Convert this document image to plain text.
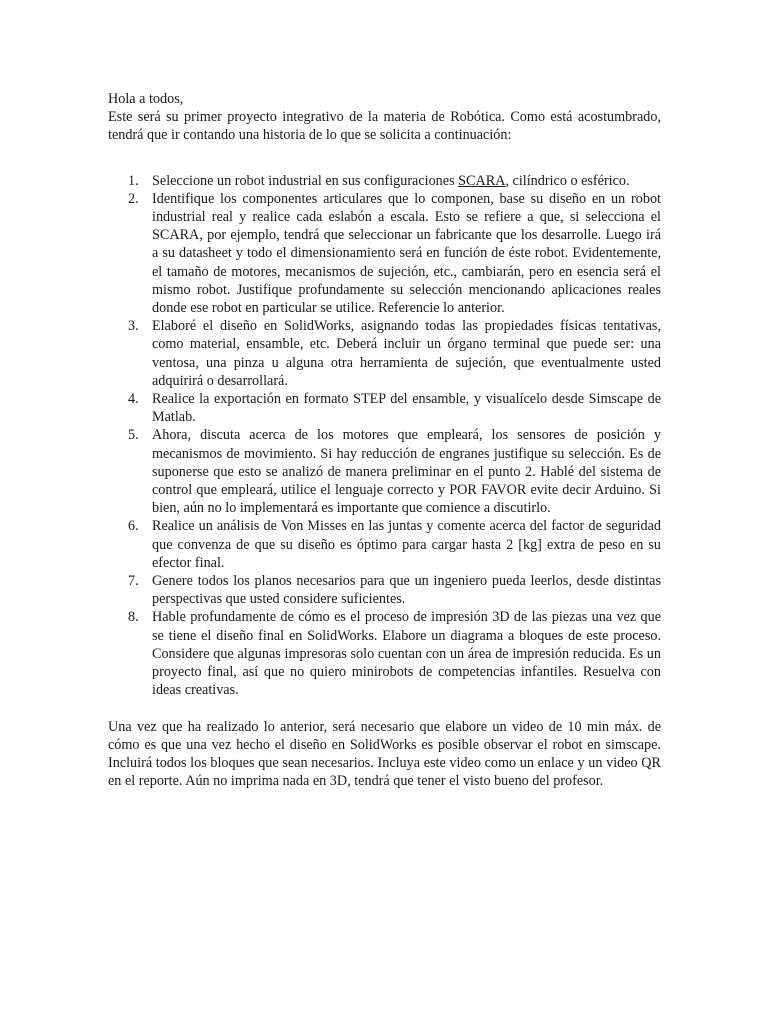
Hola a todos,

Este será su primer proyecto integrativo de la materia de Robótica. Como está acostumbrado, tendrá que ir contando una historia de lo que se solicita a continuación:

1. Seleccione un robot industrial en sus configuraciones SCARA, cilíndrico o esférico.
2. Identifique los componentes articulares que lo componen, base su diseño en un robot industrial real y realice cada eslabón a escala. Esto se refiere a que, si selecciona el SCARA, por ejemplo, tendrá que seleccionar un fabricante que los desarrolle. Luego irá a su datasheet y todo el dimensionamiento será en función de éste robot. Evidentemente, el tamaño de motores, mecanismos de sujeción, etc., cambiarán, pero en esencia será el mismo robot. Justifique profundamente su selección mencionando aplicaciones reales donde ese robot en particular se utilice. Referencie lo anterior.
3. Elaboré el diseño en SolidWorks, asignando todas las propiedades físicas tentativas, como material, ensamble, etc. Deberá incluir un órgano terminal que puede ser: una ventosa, una pinza u alguna otra herramienta de sujeción, que eventualmente usted adquirirá o desarrollará.
4. Realice la exportación en formato STEP del ensamble, y visualícelo desde Simscape de Matlab.
5. Ahora, discuta acerca de los motores que empleará, los sensores de posición y mecanismos de movimiento. Si hay reducción de engranes justifique su selección. Es de suponerse que esto se analizó de manera preliminar en el punto 2. Hablé del sistema de control que empleará, utilice el lenguaje correcto y POR FAVOR evite decir Arduino. Si bien, aún no lo implementará es importante que comience a discutirlo.
6. Realice un análisis de Von Misses en las juntas y comente acerca del factor de seguridad que convenza de que su diseño es óptimo para cargar hasta 2 [kg] extra de peso en su efector final.
7. Genere todos los planos necesarios para que un ingeniero pueda leerlos, desde distintas perspectivas que usted considere suficientes.
8. Hable profundamente de cómo es el proceso de impresión 3D de las piezas una vez que se tiene el diseño final en SolidWorks. Elabore un diagrama a bloques de este proceso. Considere que algunas impresoras solo cuentan con un área de impresión reducida. Es un proyecto final, así que no quiero minirobots de competencias infantiles. Resuelva con ideas creativas.

Una vez que ha realizado lo anterior, será necesario que elabore un video de 10 min máx. de cómo es que una vez hecho el diseño en SolidWorks es posible observar el robot en simscape. Incluirá todos los bloques que sean necesarios. Incluya este video como un enlace y un video QR en el reporte. Aún no imprima nada en 3D, tendrá que tener el visto bueno del profesor.
